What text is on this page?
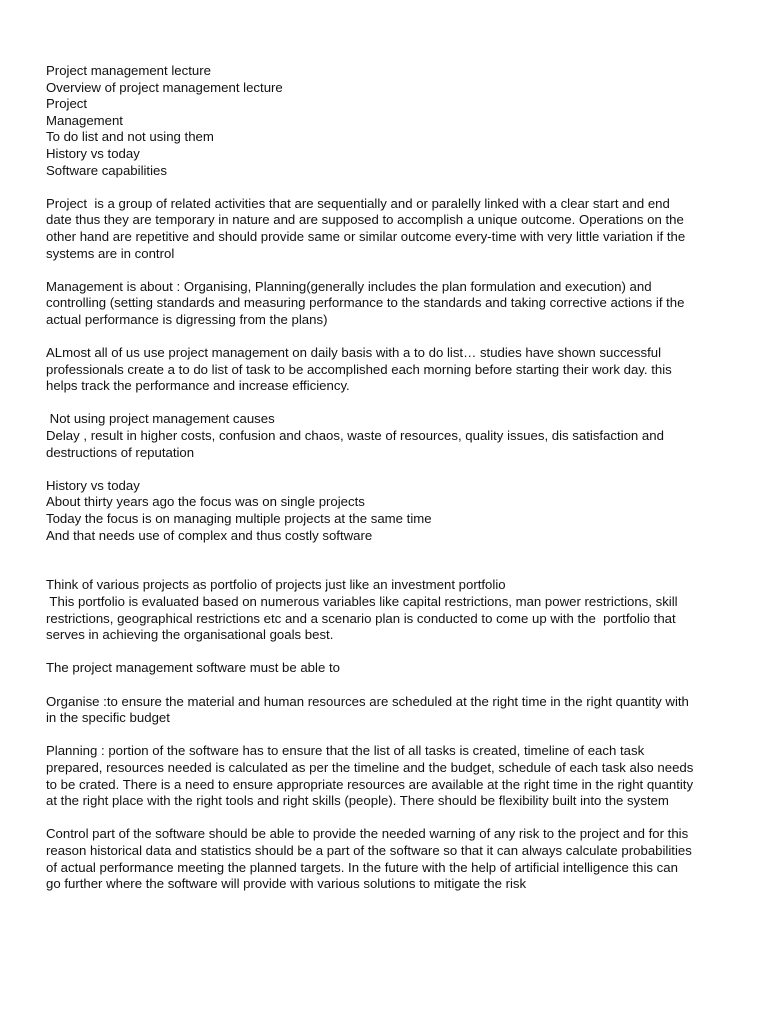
Project management lecture
Overview of project management lecture
Project
Management
To do list and not using them
History vs today
Software capabilities
Project  is a group of related activities that are sequentially and or paralelly linked with a clear start and end
date thus they are temporary in nature and are supposed to accomplish a unique outcome. Operations on the
other hand are repetitive and should provide same or similar outcome every-time with very little variation if the
systems are in control
Management is about : Organising, Planning(generally includes the plan formulation and execution) and
controlling (setting standards and measuring performance to the standards and taking corrective actions if the
actual performance is digressing from the plans)
ALmost all of us use project management on daily basis with a to do list… studies have shown successful
professionals create a to do list of task to be accomplished each morning before starting their work day. this
helps track the performance and increase efficiency.
Not using project management causes
Delay , result in higher costs, confusion and chaos, waste of resources, quality issues, dis satisfaction and
destructions of reputation
History vs today
About thirty years ago the focus was on single projects
Today the focus is on managing multiple projects at the same time
And that needs use of complex and thus costly software
Think of various projects as portfolio of projects just like an investment portfolio
This portfolio is evaluated based on numerous variables like capital restrictions, man power restrictions, skill
restrictions, geographical restrictions etc and a scenario plan is conducted to come up with the  portfolio that
serves in achieving the organisational goals best.
The project management software must be able to
Organise :to ensure the material and human resources are scheduled at the right time in the right quantity with
in the specific budget
Planning : portion of the software has to ensure that the list of all tasks is created, timeline of each task
prepared, resources needed is calculated as per the timeline and the budget, schedule of each task also needs
to be crated. There is a need to ensure appropriate resources are available at the right time in the right quantity
at the right place with the right tools and right skills (people). There should be flexibility built into the system
Control part of the software should be able to provide the needed warning of any risk to the project and for this
reason historical data and statistics should be a part of the software so that it can always calculate probabilities
of actual performance meeting the planned targets. In the future with the help of artificial intelligence this can
go further where the software will provide with various solutions to mitigate the risk
